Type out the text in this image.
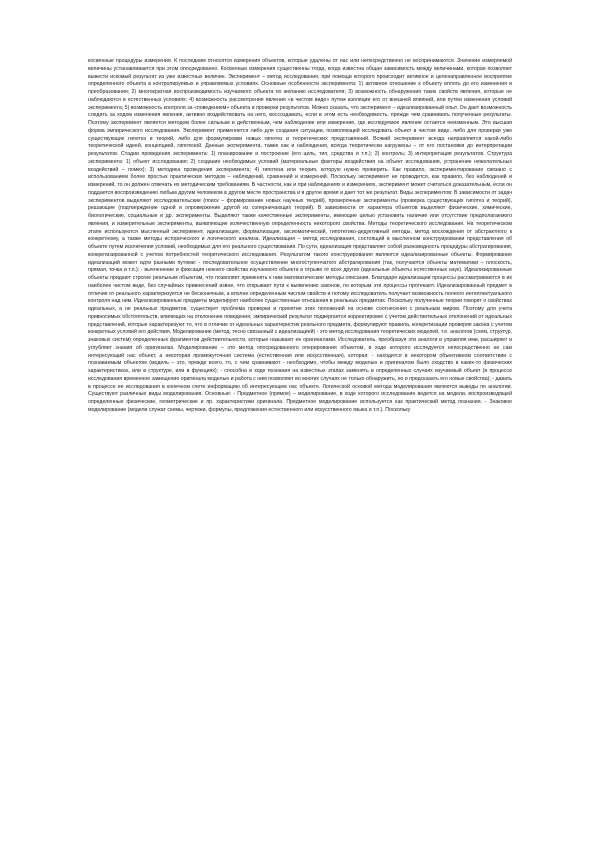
косвенные процедуры измерения. К последним относятся измерения объектов, которые удалены от нас или непосредственно не воспринимаются. Значение измеряемой величины устанавливается при этом опосредованно. Косвенные измерения существенны тогда, когда известна общая зависимость между величинами, которая позволяет вывести искомый результат из уже известных величин. Эксперимент – метод исследования, при помощи которого происходит активное и целенаправленное восприятие определенного объекта в контролируемых и управляемых условиях. Основные особенности эксперимента: 1) активное отношение к объекту вплоть до его изменения и преобразования; 2) многократная воспроизводимость изучаемого объекта по желанию исследователя; 3) возможность обнаружения таких свойств явления, которые не наблюдаются в естественных условиях; 4) возможность рассмотрения явления «в чистом виде» путем изоляции его от внешней влияний, или путем изменения условий эксперимента; 5) возможность контроля за «поведением» объекта и проверки результатов. Можно сказать, что эксперимент – идеализированный опыт. Он дает возможность следить за ходом изменения явления, активно воздействовать на него, воссоздавать, если в этом есть необходимость, прежде чем сравнивать полученные результаты. Поэтому эксперимент является методом более сильным и действенным, чем наблюдение или измерение, где исследуемое явление остается неизменным. Это высшая форма эмпирического исследования. Эксперимент применяется либо для создания ситуации, позволяющей исследовать объект в чистом виде, либо для проверки уже существующих гипотез и теорий, либо для формулировки новых гипотез и теоретических представлений. Всякий эксперимент всегда направляется какой-либо теоретической идеей, концепцией, гипотезой. Данные эксперимента, также как и наблюдения, всегда теоретически нагружены – от его постановки до интерпретации результатов. Стадии проведения эксперимента: 1) планирование и построение (его цель, тип, средства и т.п.); 2) контроль; 3) интерпретация результатов. Структура эксперимента: 1) объект исследования; 2) создание необходимых условий (материальные факторы воздействия на объект исследования, устранение нежелательных воздействий – помех); 3) методика проведения эксперимента; 4) гипотеза или теория, которую нужно проверить. Как правило, экспериментирование связано с использованием более простых практических методов – наблюдений, сравнений и измерений. Поскольку эксперимент не проводится, как правило, без наблюдений и измерений, то он должен отвечать их методическим требованиям. В частности, как и при наблюдениях и измерениях, эксперимент может считаться доказательным, если он поддается воспроизведению любым другим человеком в другом месте пространства и в другое время и дает тот же результат. Виды экспериментов: В зависимости от задач экспериментов выделяют исследовательские (поиск – формирование новых научных теорий), проверочные эксперименты (проверка существующих гипотез и теорий), решающие (подтверждение одной и опровержение другой из соперничающих теорий). В зависимости от характера объектов выделяют физические, химические, биологические, социальные и др. эксперименты. Выделяют также качественные эксперименты, имеющие целью установить наличие или отсутствие предполагаемого явления, и измерительные эксперименты, выявляющие количественную определенность некоторого свойства. Методы теоретического исследования. На теоретическом этапе используются мысленный эксперимент, идеализация, формализация, аксиоматический, гипотетико-дедуктивный методы, метод восхождения от абстрактного к конкретному, а также методы исторического и логического анализа. Идеализация – метод исследования, состоящий в мысленном конструировании представления об объекте путем исключения условий, необходимых для его реального существования. По сути, идеализация представляет собой разновидность процедуры абстрагирования, конкретизированной с учетом потребностей теоретического исследования. Результатом такого конструирования являются идеализированные объекты. Формирование идеализаций может идти разными путями: - последовательное осуществление многоступенчатого абстрагирования (так, получаются объекты математики – плоскость, прямая, точка и т.п.); - вычленение и фиксация некоего свойства изучаемого объекта в отрыве от всех других (идеальные объекты естественных наук). Идеализированные объекты придают строгие реальным объектам, что позволяет применять к ним математические методы описания. Благодаря идеализации процессы рассматриваются в их наиболее чистом виде, без случайных привнесений извне, что открывает пути к выявлению законов, по которым эти процессы протекают. Идеализированный предмет в отличие от реального характеризуется не бесконечным, а вполне определенным числом свойств и потому исследователь получает возможность полного интеллектуального контроля над ним. Идеализированные предметы моделируют наиболее существенные отношения в реальных предметах. Поскольку полученные теории говорят о свойствах идеальных, а не реальных предметов, существует проблема проверки и принятия этих положений на основе соотнесения с реальным миром. Поэтому для учета привносимых обстоятельств, влияющих на отклонение поведения, эмпирический результат подвергается корректировке с учетом действительных отклонений от идеальных представлений, которые характеризуют то, что в отличие от идеальных характеристик реального предмета, формулируют правила, конкретизации проверяя закона с учетом конкретных условий его действия. Моделирование (метод, тесно связанный с идеализацией) - это метод исследования теоретических моделей, т.е. аналогов (схем, структур, знаковых систем) определенных фрагментов действительности, которые называют ее оригиналами. Исследователь, преобразуя эти аналоги и управляя ими, расширяет и углубляет знания об оригиналах. Моделирование – это метод опосредованного оперирования объектом, в ходе которого исследуется непосредственно не сам интересующий нас объект, а некоторая промежуточная система (естественная или искусственная), которая: - находится в некотором объективном соответствии с познаваемым объектом (модель – это, прежде всего, то, с чем сравнивают - необходимо, чтобы между моделью и оригиналом было сходство в каких-то физических характеристиках, или в структуре, или в функциях); - способна в ходе познания на известных этапах заменять в определенных случаях изучаемый объект (в процессе исследования временное замещение оригинала моделью и работа с ним позволяют во многих случаях не только обнаружить, но и предсказать его новые свойства); - давать в процессе ее исследования в конечном счете информацию об интересующем нас объекте. Логической основой метода моделирования являются выводы по аналогии. Существуют различные виды моделирования. Основные: - Предметное (прямое) – моделирование, в ходе которого исследование ведется на модели, воспроизводящей определенные физические, геометрические и пр. характеристики оригинала. Предметное моделирование используется как практический метод познания. - Знаковое моделирование (модели служат схемы, чертежи, формулы, предложения естественного или искусственного языка и т.п.). Поскольку
